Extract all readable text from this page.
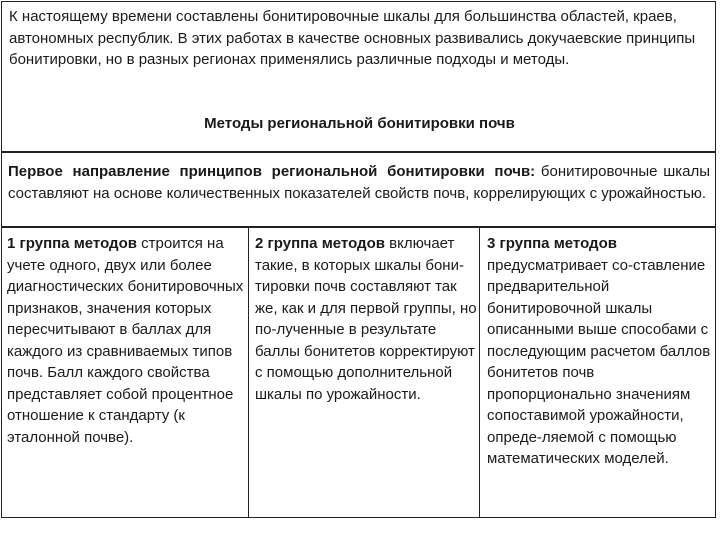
К настоящему времени составлены бонитировочные шкалы для большинства областей, краев, автономных республик. В этих работах в качестве основных развивались докучаевские принципы бонитировки, но в разных регионах применялись различные подходы и методы.

Методы региональной бонитировки почв

Первое направление принципов региональной бонитировки почв: бонитировочные шкалы составляют на основе количественных показателей свойств почв, коррелирующих с урожайностью.

1 группа методов строится на учете одного, двух или более диагностических бонитировочных признаков, значения которых пересчитывают в баллах для каждого из сравниваемых типов почв. Балл каждого свойства представляет собой процентное отношение к стандарту (к эталонной почве).

2 группа методов включает такие, в которых шкалы бони-тировки почв составляют так же, как и для первой группы, но по-лученные в результате баллы бонитетов корректируют с помощью дополнительной шкалы по урожайности.

3 группа методов предусматривает со-ставление предварительной бонитировочной шкалы описанными выше способами с последующим расчетом баллов бонитетов почв пропорционально значениям сопоставимой урожайности, опреде-ляемой с помощью математических моделей.
